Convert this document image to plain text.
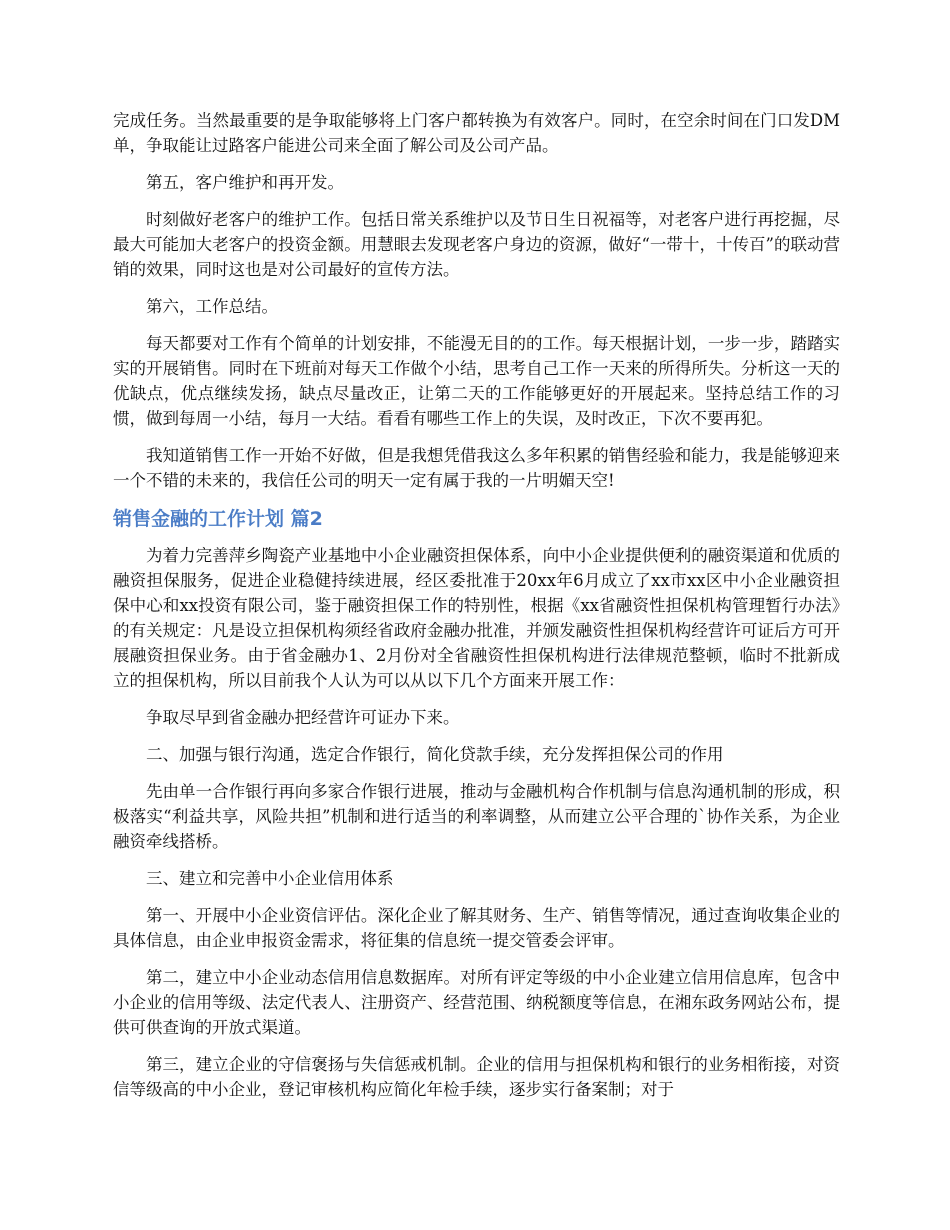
完成任务。当然最重要的是争取能够将上门客户都转换为有效客户。同时，在空余时间在门口发DM单，争取能让过路客户能进公司来全面了解公司及公司产品。

第五，客户维护和再开发。

时刻做好老客户的维护工作。包括日常关系维护以及节日生日祝福等，对老客户进行再挖掘，尽最大可能加大老客户的投资金额。用慧眼去发现老客户身边的资源，做好“一带十，十传百”的联动营销的效果，同时这也是对公司最好的宣传方法。

第六，工作总结。

每天都要对工作有个简单的计划安排，不能漫无目的的工作。每天根据计划，一步一步，踏踏实实的开展销售。同时在下班前对每天工作做个小结，思考自己工作一天来的所得所失。分析这一天的优缺点，优点继续发扬，缺点尽量改正，让第二天的工作能够更好的开展起来。坚持总结工作的习惯，做到每周一小结，每月一大结。看看有哪些工作上的失误，及时改正，下次不要再犯。

我知道销售工作一开始不好做，但是我想凭借我这么多年积累的销售经验和能力，我是能够迎来一个不错的未来的，我信任公司的明天一定有属于我的一片明媚天空!

销售金融的工作计划 篇2

为着力完善萍乡陶瓷产业基地中小企业融资担保体系，向中小企业提供便利的融资渠道和优质的融资担保服务，促进企业稳健持续进展，经区委批准于20xx年6月成立了xx市xx区中小企业融资担保中心和xx投资有限公司，鉴于融资担保工作的特别性，根据《xx省融资性担保机构管理暂行办法》的有关规定：凡是设立担保机构须经省政府金融办批准，并颁发融资性担保机构经营许可证后方可开展融资担保业务。由于省金融办1、2月份对全省融资性担保机构进行法律规范整顿，临时不批新成立的担保机构，所以目前我个人认为可以从以下几个方面来开展工作：

争取尽早到省金融办把经营许可证办下来。

二、加强与银行沟通，选定合作银行，简化贷款手续，充分发挥担保公司的作用

先由单一合作银行再向多家合作银行进展，推动与金融机构合作机制与信息沟通机制的形成，积极落实“利益共享，风险共担”机制和进行适当的利率调整，从而建立公平合理的`协作关系，为企业融资牵线搭桥。

三、建立和完善中小企业信用体系

第一、开展中小企业资信评估。深化企业了解其财务、生产、销售等情况，通过查询收集企业的具体信息，由企业申报资金需求，将征集的信息统一提交管委会评审。

第二，建立中小企业动态信用信息数据库。对所有评定等级的中小企业建立信用信息库，包含中小企业的信用等级、法定代表人、注册资产、经营范围、纳税额度等信息，在湘东政务网站公布，提供可供查询的开放式渠道。

第三，建立企业的守信褒扬与失信惩戒机制。企业的信用与担保机构和银行的业务相衔接，对资信等级高的中小企业，登记审核机构应简化年检手续，逐步实行备案制；对于
